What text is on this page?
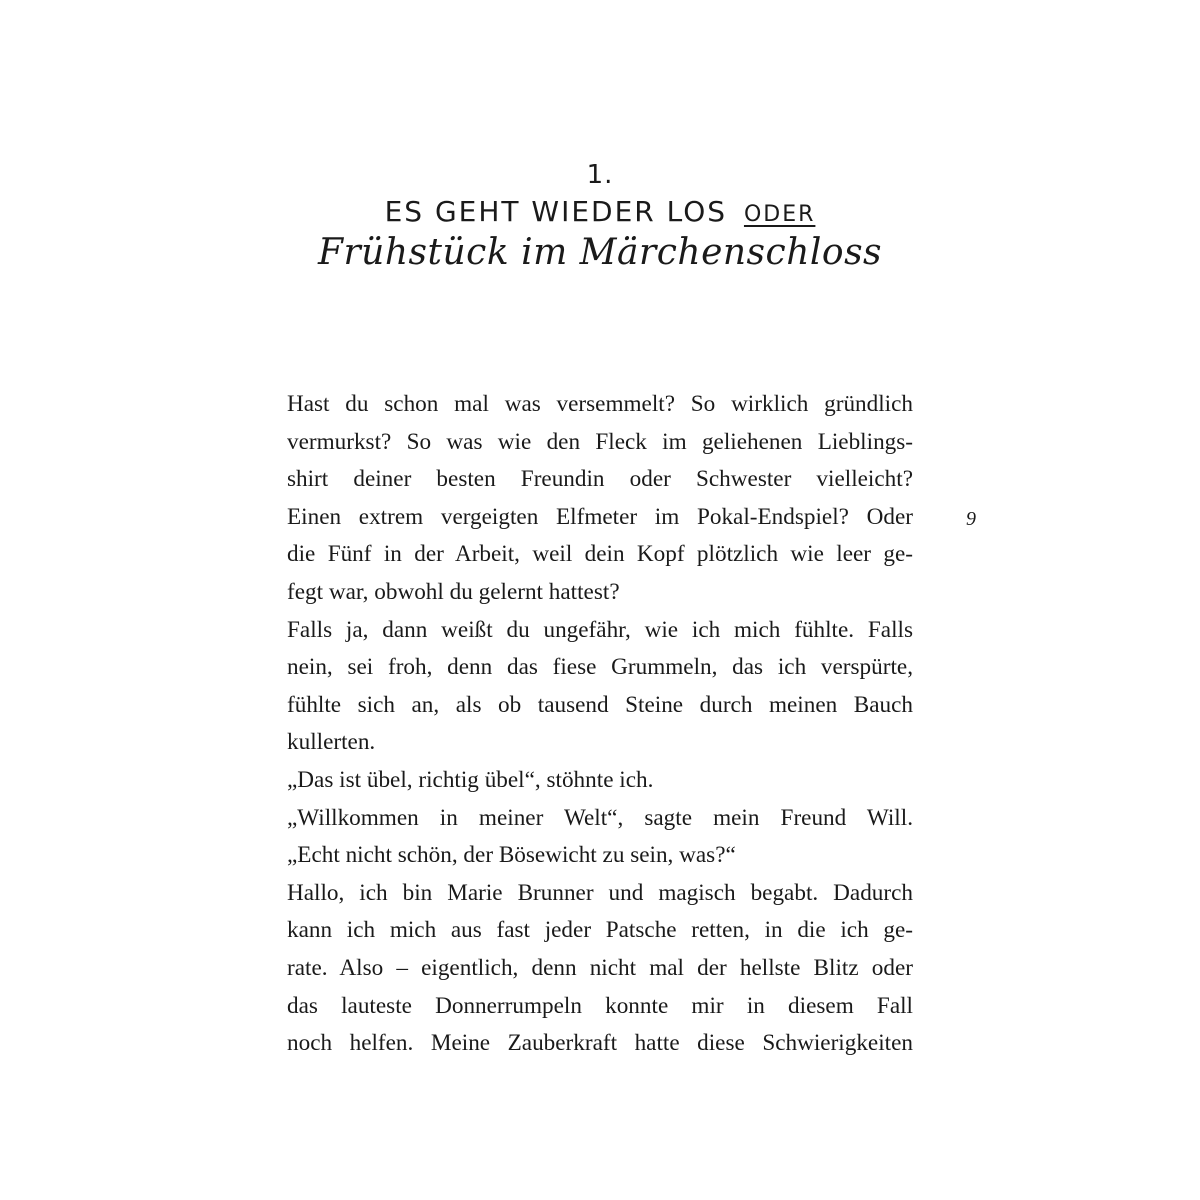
1.
ES GEHT WIEDER LOS ODER
Frühstück im Märchenschloss
Hast du schon mal was versemmelt? So wirklich gründlich
vermurkst? So was wie den Fleck im geliehenen Lieblings-
shirt deiner besten Freundin oder Schwester vielleicht?
Einen extrem vergeigten Elfmeter im Pokal-Endspiel? Oder
die Fünf in der Arbeit, weil dein Kopf plötzlich wie leer ge-
fegt war, obwohl du gelernt hattest?
Falls ja, dann weißt du ungefähr, wie ich mich fühlte. Falls
nein, sei froh, denn das fiese Grummeln, das ich verspürte,
fühlte sich an, als ob tausend Steine durch meinen Bauch
kullerten.
„Das ist übel, richtig übel“, stöhnte ich.
„Willkommen in meiner Welt“, sagte mein Freund Will.
„Echt nicht schön, der Bösewicht zu sein, was?“
Hallo, ich bin Marie Brunner und magisch begabt. Dadurch
kann ich mich aus fast jeder Patsche retten, in die ich ge-
rate. Also – eigentlich, denn nicht mal der hellste Blitz oder
das lauteste Donnerrumpeln konnte mir in diesem Fall
noch helfen. Meine Zauberkraft hatte diese Schwierigkeiten
9
